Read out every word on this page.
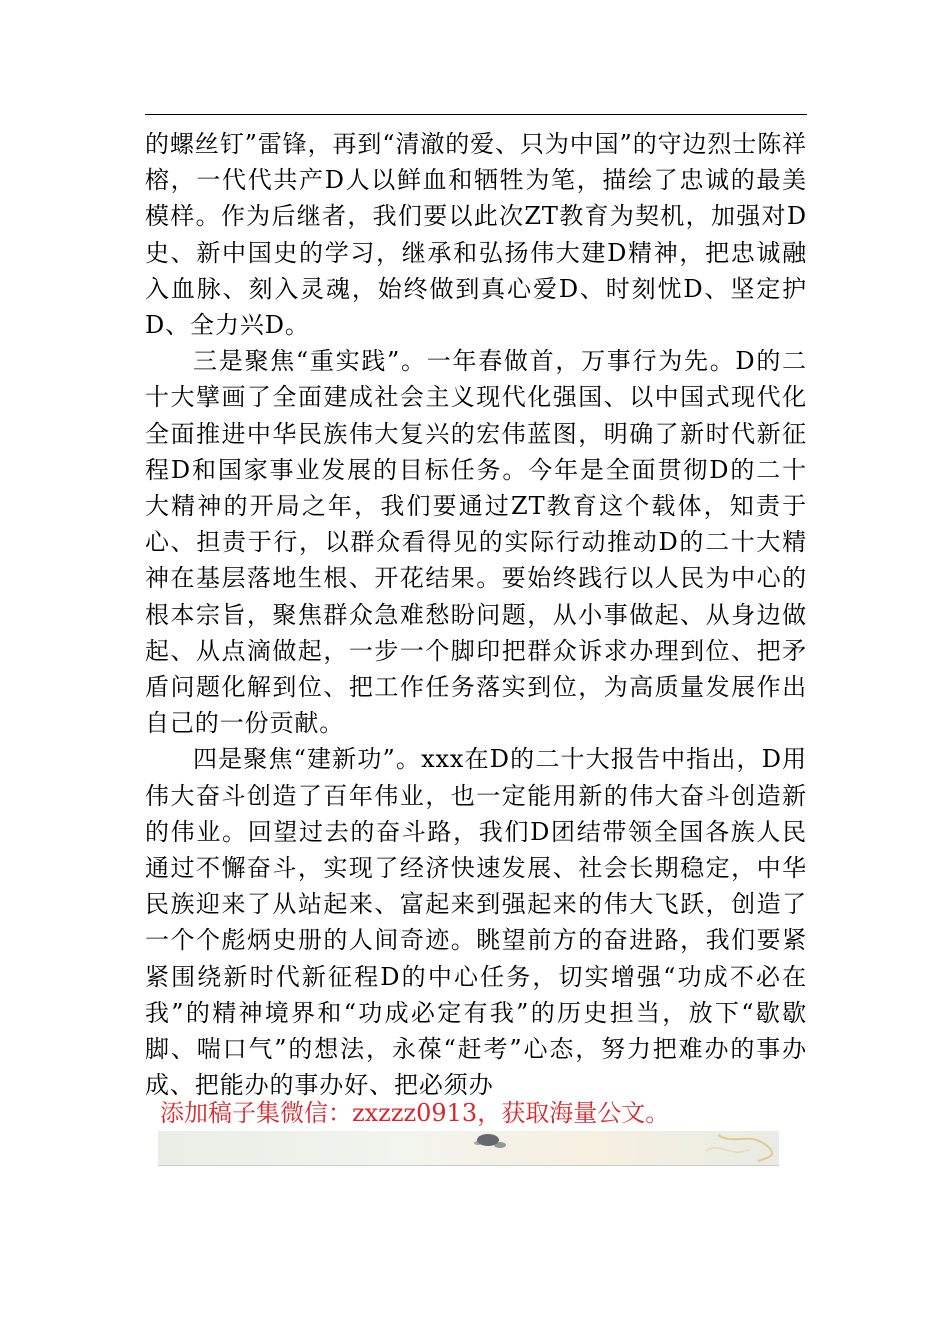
的螺丝钉”雷锋，再到“清澈的爱、只为中国”的守边烈士陈祥榕，一代代共产D人以鲜血和牺牲为笔，描绘了忠诚的最美模样。作为后继者，我们要以此次ZT教育为契机，加强对D史、新中国史的学习，继承和弘扬伟大建D精神，把忠诚融入血脉、刻入灵魂，始终做到真心爱D、时刻忧D、坚定护D、全力兴D。

三是聚焦“重实践”。一年春做首，万事行为先。D的二十大擘画了全面建成社会主义现代化强国、以中国式现代化全面推进中华民族伟大复兴的宏伟蓝图，明确了新时代新征程D和国家事业发展的目标任务。今年是全面贯彻D的二十大精神的开局之年，我们要通过ZT教育这个载体，知责于心、担责于行，以群众看得见的实际行动推动D的二十大精神在基层落地生根、开花结果。要始终践行以人民为中心的根本宗旨，聚焦群众急难愁盼问题，从小事做起、从身边做起、从点滴做起，一步一个脚印把群众诉求办理到位、把矛盾问题化解到位、把工作任务落实到位，为高质量发展作出自己的一份贡献。

四是聚焦“建新功”。xxx在D的二十大报告中指出，D用伟大奋斗创造了百年伟业，也一定能用新的伟大奋斗创造新的伟业。回望过去的奋斗路，我们D团结带领全国各族人民通过不懈奋斗，实现了经济快速发展、社会长期稳定，中华民族迎来了从站起来、富起来到强起来的伟大飞跃，创造了一个个彪炳史册的人间奇迹。眺望前方的奋进路，我们要紧紧围绕新时代新征程D的中心任务，切实增强“功成不必在我”的精神境界和“功成必定有我”的历史担当，放下“歇歇脚、喘口气”的想法，永葆“赶考”心态，努力把难办的事办成、把能办的事办好、把必须办

添加稿子集微信：zxzzz0913，获取海量公文。
